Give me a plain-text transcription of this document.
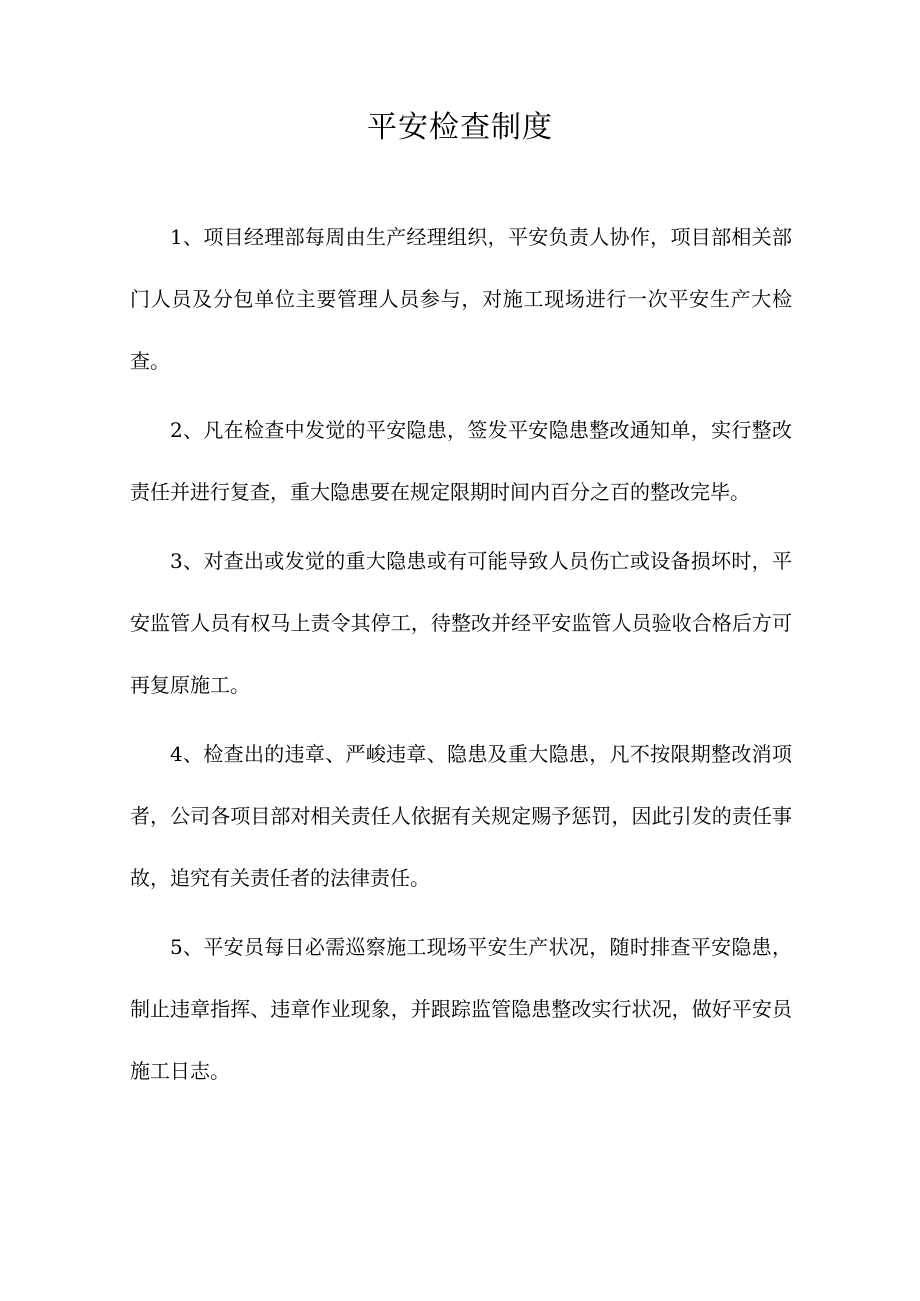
平安检查制度

1、项目经理部每周由生产经理组织，平安负责人协作，项目部相关部门人员及分包单位主要管理人员参与，对施工现场进行一次平安生产大检查。

2、凡在检查中发觉的平安隐患，签发平安隐患整改通知单，实行整改责任并进行复查，重大隐患要在规定限期时间内百分之百的整改完毕。

3、对查出或发觉的重大隐患或有可能导致人员伤亡或设备损坏时，平安监管人员有权马上责令其停工，待整改并经平安监管人员验收合格后方可再复原施工。

4、检查出的违章、严峻违章、隐患及重大隐患，凡不按限期整改消项者，公司各项目部对相关责任人依据有关规定赐予惩罚，因此引发的责任事故，追究有关责任者的法律责任。

5、平安员每日必需巡察施工现场平安生产状况，随时排查平安隐患，制止违章指挥、违章作业现象，并跟踪监管隐患整改实行状况，做好平安员施工日志。
